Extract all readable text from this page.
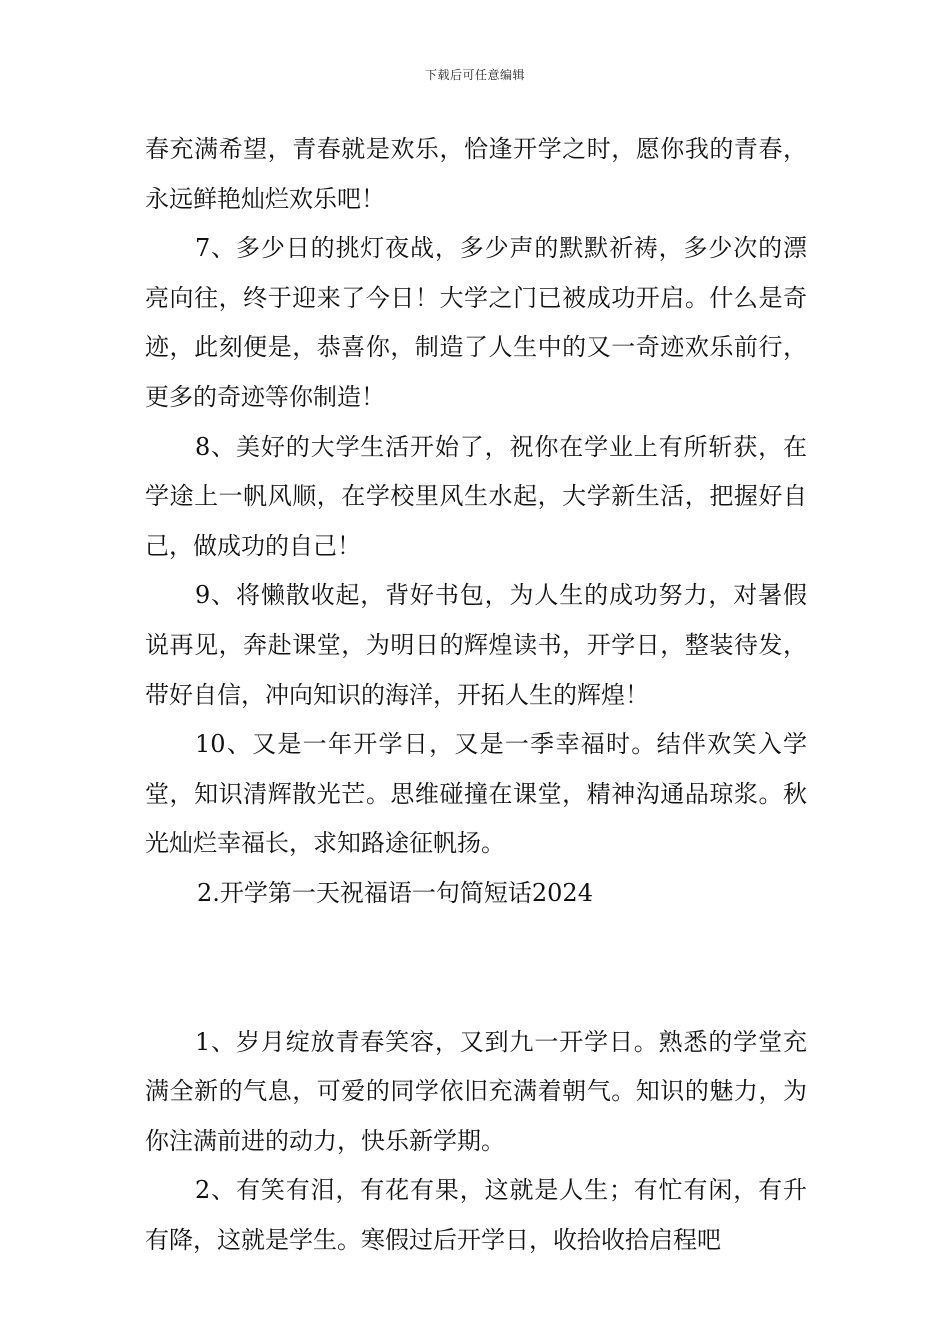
下载后可任意编辑

春充满希望，青春就是欢乐，恰逢开学之时，愿你我的青春，永远鲜艳灿烂欢乐吧！

7、多少日的挑灯夜战，多少声的默默祈祷，多少次的漂亮向往，终于迎来了今日！大学之门已被成功开启。什么是奇迹，此刻便是，恭喜你，制造了人生中的又一奇迹欢乐前行，更多的奇迹等你制造！

8、美好的大学生活开始了，祝你在学业上有所斩获，在学途上一帆风顺，在学校里风生水起，大学新生活，把握好自己，做成功的自己！

9、将懒散收起，背好书包，为人生的成功努力，对暑假说再见，奔赴课堂，为明日的辉煌读书，开学日，整装待发，带好自信，冲向知识的海洋，开拓人生的辉煌！

10、又是一年开学日，又是一季幸福时。结伴欢笑入学堂，知识清辉散光芒。思维碰撞在课堂，精神沟通品琼浆。秋光灿烂幸福长，求知路途征帆扬。

2.开学第一天祝福语一句简短话2024

1、岁月绽放青春笑容，又到九一开学日。熟悉的学堂充满全新的气息，可爱的同学依旧充满着朝气。知识的魅力，为你注满前进的动力，快乐新学期。

2、有笑有泪，有花有果，这就是人生；有忙有闲，有升有降，这就是学生。寒假过后开学日，收拾收拾启程吧
